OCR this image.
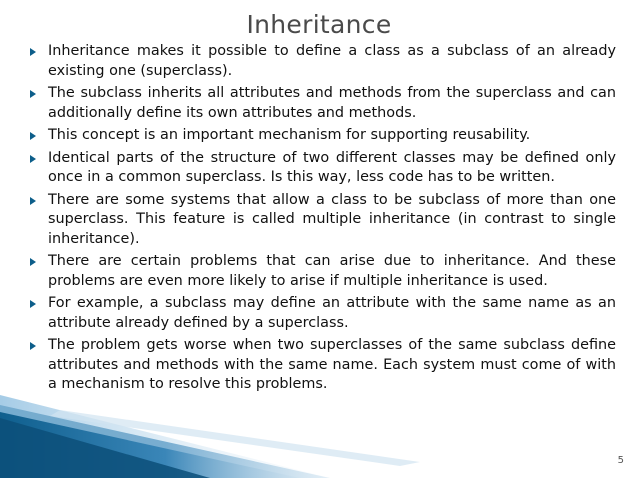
Inheritance
Inheritance makes it possible to define a class as a subclass of an already existing one (superclass).
The subclass inherits all attributes and methods from the superclass and can additionally define its own attributes and methods.
This concept is an important mechanism for supporting reusability.
Identical parts of the structure of two different classes may be defined only once in a common superclass. Is this way, less code has to be written.
There are some systems that allow a class to be subclass of more than one superclass. This feature is called multiple inheritance (in contrast to single inheritance).
There are certain problems that can arise due to inheritance. And these problems are even more likely to arise if multiple inheritance is used.
For example, a subclass may define an attribute with the same name as an attribute already defined by a superclass.
The problem gets worse when two superclasses of the same subclass define attributes and methods with the same name. Each system must come of with a mechanism to resolve this problems.
5
